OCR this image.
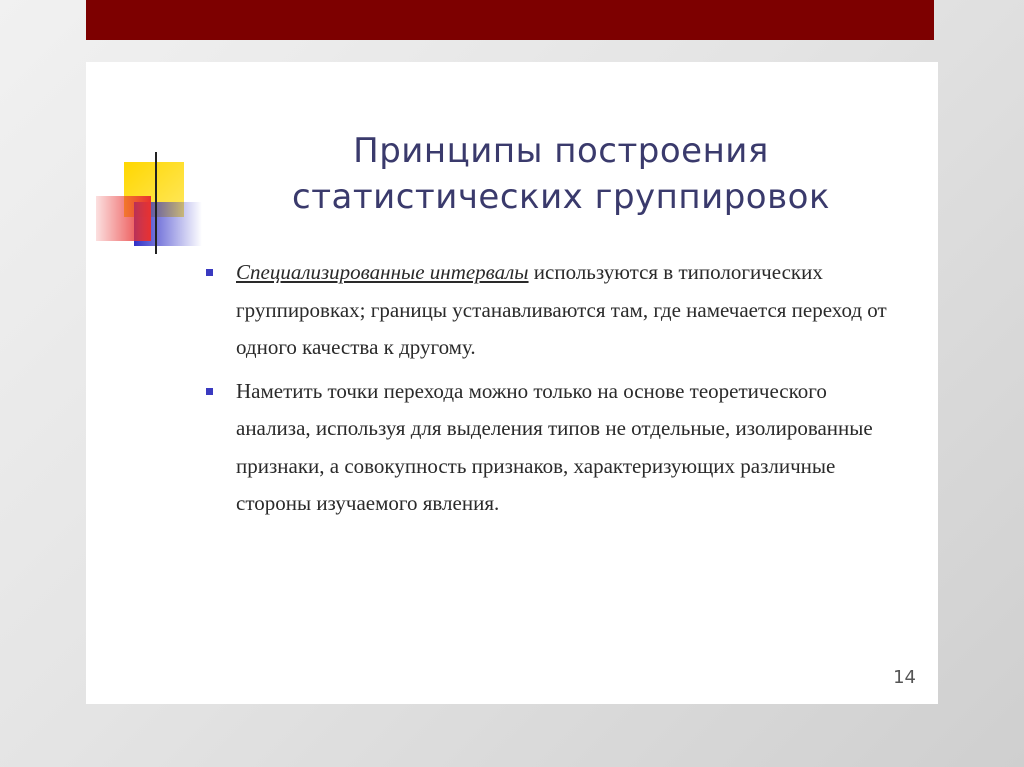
Принципы построения
статистических группировок
Специализированные интервалы используются в типологических группировках; границы устанавливаются там, где намечается переход от одного качества к другому.
Наметить точки перехода можно только на основе теоретического анализа, используя для выделения типов не отдельные, изолированные признаки, а совокупность признаков, характеризующих различные стороны изучаемого явления.
14
